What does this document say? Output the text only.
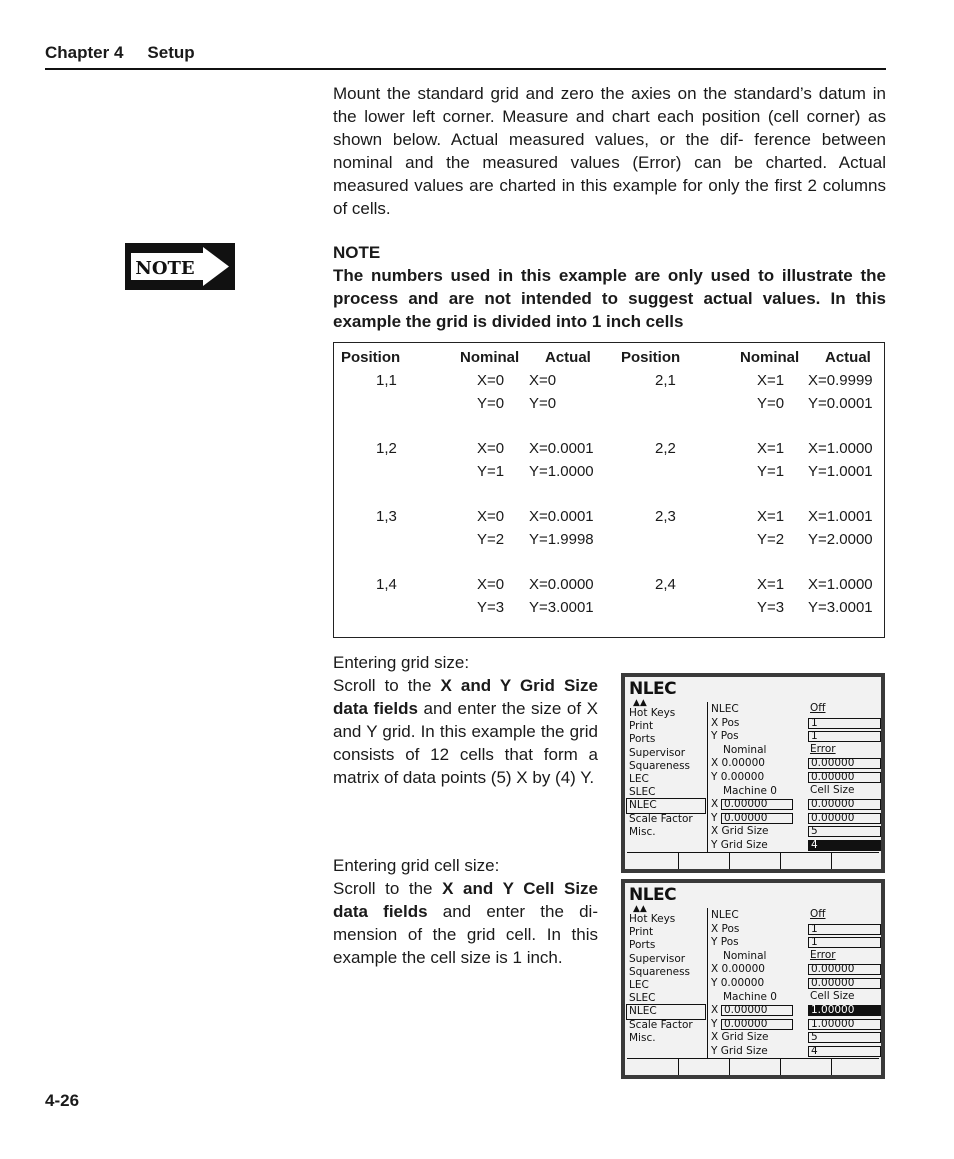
Chapter 4 Setup
Mount the standard grid and zero the axies on the standard’s datum in the lower left corner. Measure and chart each position (cell corner) as shown below. Actual measured values, or the dif- ference between nominal and the measured values (Error) can be charted. Actual measured values are charted in this example for only the first 2 columns of cells.
NOTE
NOTE
The numbers used in this example are only used to illustrate the process and are not intended to suggest actual values. In this example the grid is divided into 1 inch cells
Position	Nominal Actual Position	Nominal Actual
1,1	X=0 X=0
Y=0 Y=0
2,1	X=1 X=0.9999
Y=0 Y=0.0001
1,2	X=0 X=0.0001
Y=1 Y=1.0000
2,2	X=1 X=1.0000
Y=1 Y=1.0001
1,3	X=0 X=0.0001
Y=2 Y=1.9998
2,3	X=1 X=1.0001
Y=2 Y=2.0000
1,4	X=0 X=0.0000
Y=3 Y=3.0001
2,4	X=1 X=1.0000
Y=3 Y=3.0001
Entering grid size:
Scroll to the X and Y Grid Size data fields and enter the size of X and Y grid. In this example the grid consists of 12 cells that form a matrix of data points (5) X by (4) Y.
Entering grid cell size:
Scroll to the X and Y Cell Size data fields and enter the di- mension of the grid cell. In this example the cell size is 1 inch.
NLEC
▲▲
Hot Keys
Print
Ports
Supervisor
Squareness
LEC
SLEC
NLEC
Scale Factor
Misc.
NLEC	Off
X Pos	1
Y Pos	1
Nominal	Error
X 0.00000	0.00000
Y 0.00000	0.00000
Machine 0	Cell Size
X 0.00000	0.00000
Y 0.00000	0.00000
X Grid Size	5
Y Grid Size	4
NLEC
▲▲
Hot Keys
Print
Ports
Supervisor
Squareness
LEC
SLEC
NLEC
Scale Factor
Misc.
NLEC	Off
X Pos	1
Y Pos	1
Nominal	Error
X 0.00000	0.00000
Y 0.00000	0.00000
Machine 0	Cell Size
X 0.00000	1.00000
Y 0.00000	1.00000
X Grid Size	5
Y Grid Size	4
4-26
